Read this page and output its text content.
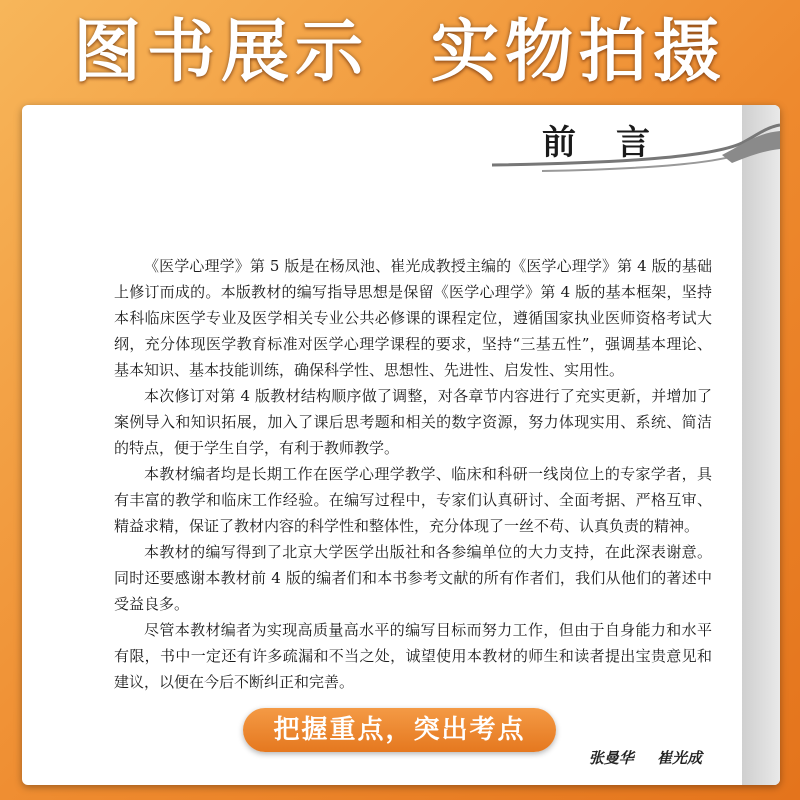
图书展示 实物拍摄
前言

《医学心理学》第 5 版是在杨凤池、崔光成教授主编的《医学心理学》第 4 版的基础上修订而成的。本版教材的编写指导思想是保留《医学心理学》第 4 版的基本框架，坚持本科临床医学专业及医学相关专业公共必修课的课程定位，遵循国家执业医师资格考试大纲，充分体现医学教育标准对医学心理学课程的要求，坚持“三基五性”，强调基本理论、基本知识、基本技能训练，确保科学性、思想性、先进性、启发性、实用性。

本次修订对第 4 版教材结构顺序做了调整，对各章节内容进行了充实更新，并增加了案例导入和知识拓展，加入了课后思考题和相关的数字资源，努力体现实用、系统、简洁的特点，便于学生自学，有利于教师教学。

本教材编者均是长期工作在医学心理学教学、临床和科研一线岗位上的专家学者，具有丰富的教学和临床工作经验。在编写过程中，专家们认真研讨、全面考据、严格互审、精益求精，保证了教材内容的科学性和整体性，充分体现了一丝不苟、认真负责的精神。

本教材的编写得到了北京大学医学出版社和各参编单位的大力支持，在此深表谢意。同时还要感谢本教材前 4 版的编者们和本书参考文献的所有作者们，我们从他们的著述中受益良多。

尽管本教材编者为实现高质量高水平的编写目标而努力工作，但由于自身能力和水平有限，书中一定还有许多疏漏和不当之处，诚望使用本教材的师生和读者提出宝贵意见和建议，以便在今后不断纠正和完善。

张曼华 崔光成
把握重点，突出考点
